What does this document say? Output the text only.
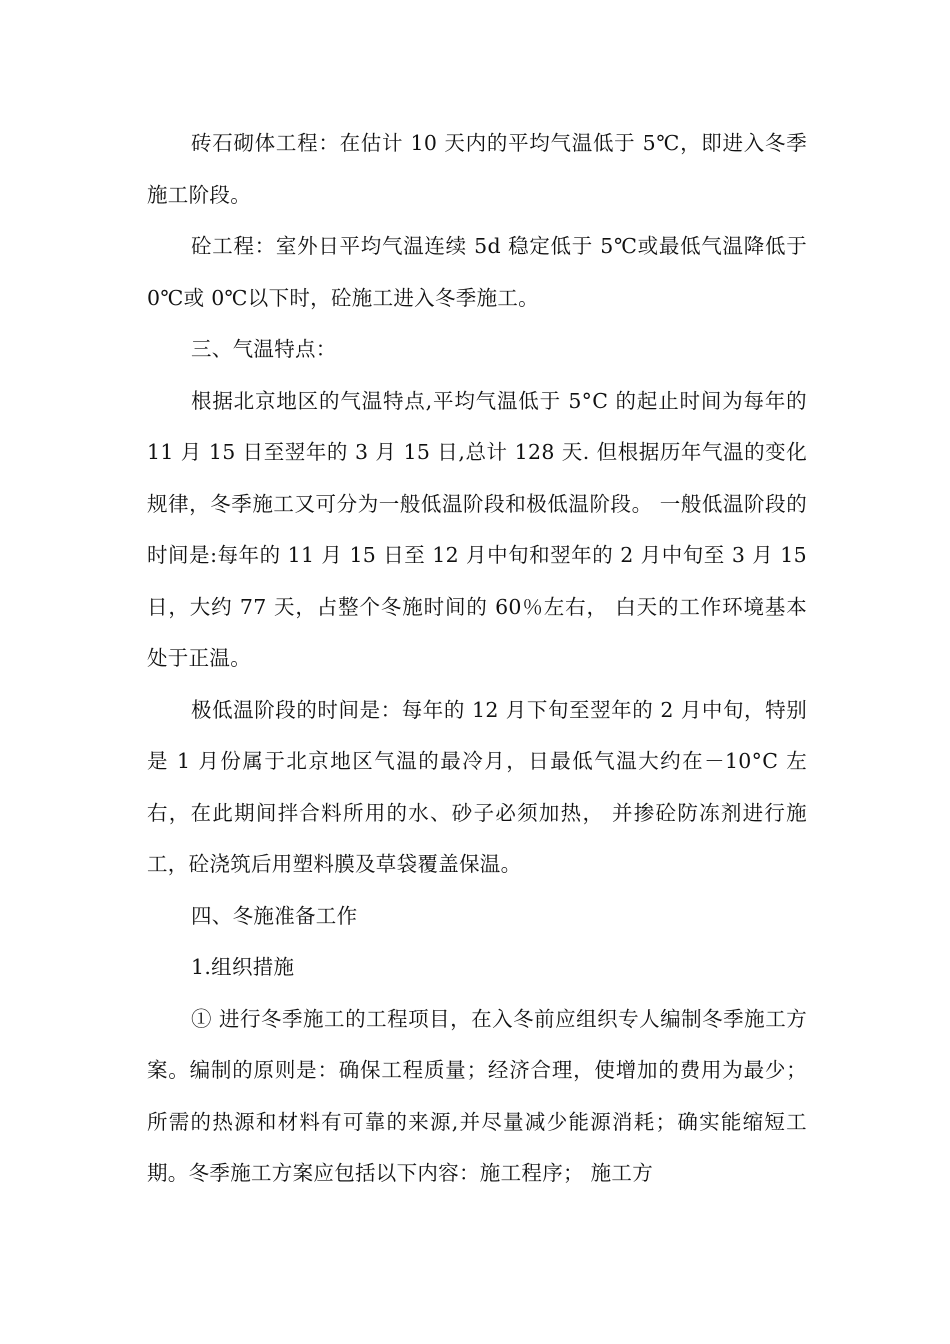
砖石砌体工程：在估计 10 天内的平均气温低于 5℃，即进入冬季施工阶段。

砼工程：室外日平均气温连续 5d 稳定低于 5℃或最低气温降低于 0℃或 0℃以下时，砼施工进入冬季施工。

三、气温特点：

根据北京地区的气温特点,平均气温低于 5°C 的起止时间为每年的 11 月 15 日至翌年的 3 月 15 日,总计 128 天. 但根据历年气温的变化规律，冬季施工又可分为一般低温阶段和极低温阶段。 一般低温阶段的时间是:每年的 11 月 15 日至 12 月中旬和翌年的 2 月中旬至 3 月 15 日，大约 77 天，占整个冬施时间的 60％左右， 白天的工作环境基本处于正温。

极低温阶段的时间是：每年的 12 月下旬至翌年的 2 月中旬，特别是 1 月份属于北京地区气温的最冷月，日最低气温大约在－10°C 左右，在此期间拌合料所用的水、砂子必须加热， 并掺砼防冻剂进行施工，砼浇筑后用塑料膜及草袋覆盖保温。

四、冬施准备工作

1.组织措施

① 进行冬季施工的工程项目，在入冬前应组织专人编制冬季施工方案。编制的原则是：确保工程质量；经济合理，使增加的费用为最少；所需的热源和材料有可靠的来源,并尽量减少能源消耗；确实能缩短工期。冬季施工方案应包括以下内容：施工程序； 施工方
